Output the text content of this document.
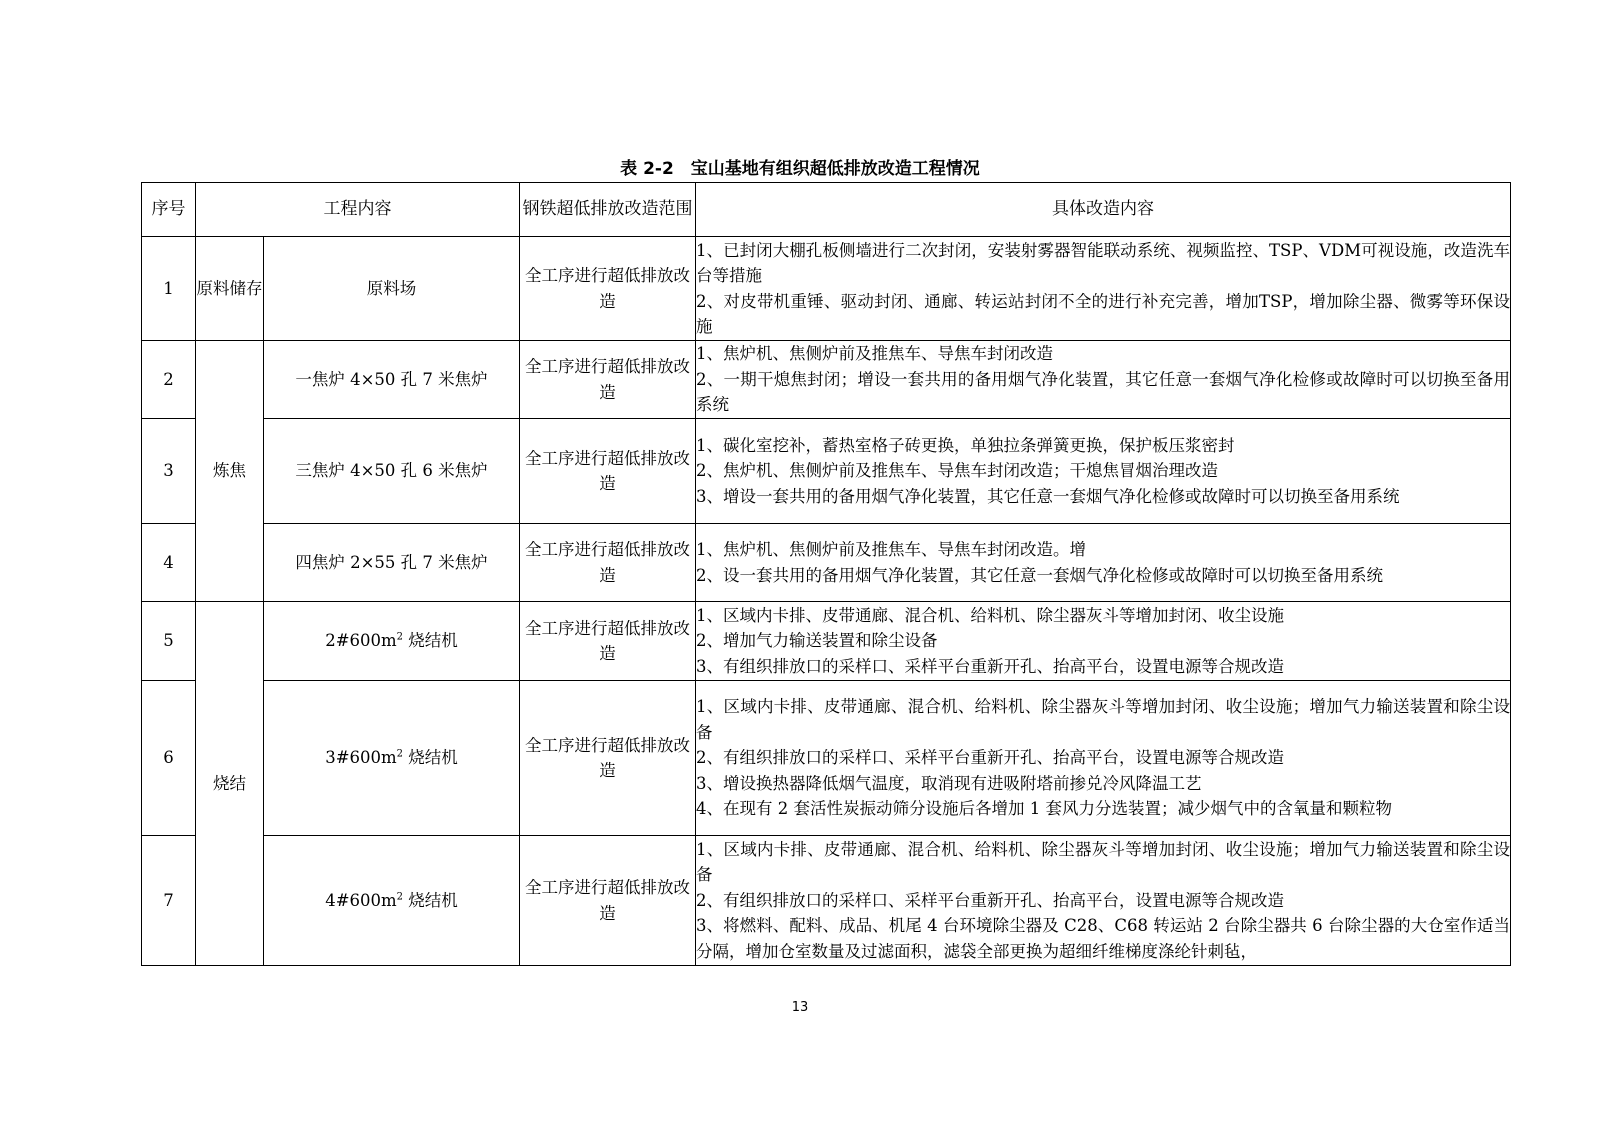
表 2-2　宝山基地有组织超低排放改造工程情况
序号	工程内容		钢铁超低排放改造范围	具体改造内容
1	原料储存	原料场	全工序进行超低排放改造	1、已封闭大棚孔板侧墙进行二次封闭，安装射雾器智能联动系统、视频监控、TSP、VDM可视设施，改造洗车台等措施
2、对皮带机重锤、驱动封闭、通廊、转运站封闭不全的进行补充完善，增加TSP，增加除尘器、微雾等环保设施

2	炼焦	一焦炉 4×50 孔 7 米焦炉	全工序进行超低排放改造	1、焦炉机、焦侧炉前及推焦车、导焦车封闭改造
2、一期干熄焦封闭；增设一套共用的备用烟气净化装置，其它任意一套烟气净化检修或故障时可以切换至备用系统

3		三焦炉 4×50 孔 6 米焦炉	全工序进行超低排放改造	1、碳化室挖补，蓄热室格子砖更换，单独拉条弹簧更换，保护板压浆密封
2、焦炉机、焦侧炉前及推焦车、导焦车封闭改造；干熄焦冒烟治理改造
3、增设一套共用的备用烟气净化装置，其它任意一套烟气净化检修或故障时可以切换至备用系统

4		四焦炉 2×55 孔 7 米焦炉	全工序进行超低排放改造	1、焦炉机、焦侧炉前及推焦车、导焦车封闭改造。增
2、设一套共用的备用烟气净化装置，其它任意一套烟气净化检修或故障时可以切换至备用系统

5	烧结	$2\#600m^2$ 烧结机	全工序进行超低排放改造	1、区域内卡排、皮带通廊、混合机、给料机、除尘器灰斗等增加封闭、收尘设施
2、增加气力输送装置和除尘设备
3、有组织排放口的采样口、采样平台重新开孔、抬高平台，设置电源等合规改造

6		$3\#600m^2$ 烧结机	全工序进行超低排放改造	1、区域内卡排、皮带通廊、混合机、给料机、除尘器灰斗等增加封闭、收尘设施；增加气力输送装置和除尘设备
2、有组织排放口的采样口、采样平台重新开孔、抬高平台，设置电源等合规改造
3、增设换热器降低烟气温度，取消现有进吸附塔前掺兑冷风降温工艺
4、在现有 2 套活性炭振动筛分设施后各增加 1 套风力分选装置；减少烟气中的含氧量和颗粒物

7		$4\#600m^2$ 烧结机	全工序进行超低排放改造	1、区域内卡排、皮带通廊、混合机、给料机、除尘器灰斗等增加封闭、收尘设施；增加气力输送装置和除尘设备
2、有组织排放口的采样口、采样平台重新开孔、抬高平台，设置电源等合规改造
3、将燃料、配料、成品、机尾 4 台环境除尘器及 C28、C68 转运站 2 台除尘器共 6 台除尘器的大仓室作适当分隔，增加仓室数量及过滤面积，滤袋全部更换为超细纤维梯度涤纶针刺毡，
13
